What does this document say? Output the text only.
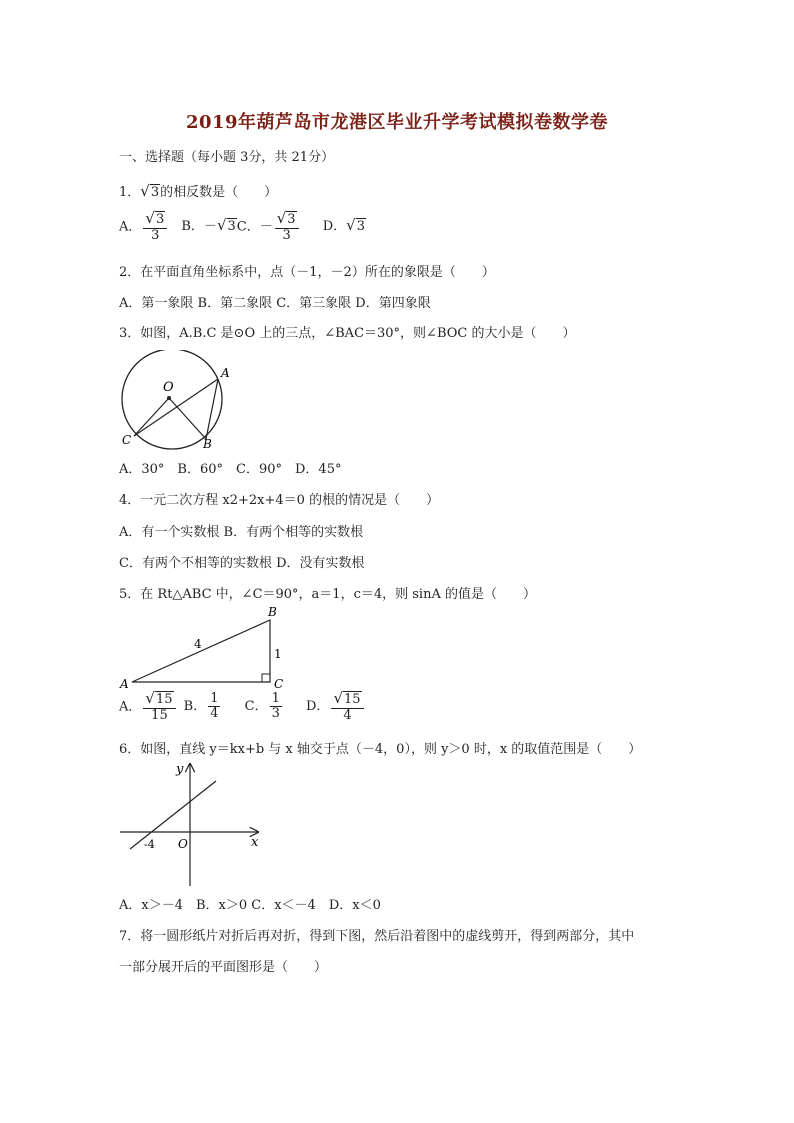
2019年葫芦岛市龙港区毕业升学考试模拟卷数学卷
一、选择题（每小题 3分，共 21分）
1．√3的相反数是（　　）
A． $\frac{√3}{3}$ B．－√3C．－ $\frac{√3}{3}$ D．√3
2．在平面直角坐标系中，点（－1，－2）所在的象限是（　　）
A．第一象限 B．第二象限 C．第三象限 D．第四象限
3．如图，A.B.C 是⊙O 上的三点，∠BAC＝30°，则∠BOC 的大小是（　　）
O
A
B
C
A．30°　B．60°　C．90°　D．45°
4．一元二次方程 x2+2x+4＝0 的根的情况是（　　）
A．有一个实数根 B．有两个相等的实数根
C．有两个不相等的实数根 D．没有实数根
5．在 Rt△ABC 中，∠C＝90°，a＝1，c＝4，则 sinA 的值是（　　）
A
B
C
4
1
A． $\frac{√15}{15}$ B． $\frac{1}{4}$ C． $\frac{1}{3}$ D． $\frac{√15}{4}$
6．如图，直线 y＝kx+b 与 x 轴交于点（－4，0），则 y＞0 时，x 的取值范围是（　　）
y
x
O
-4
A．x＞－4　B．x＞0 C．x＜－4　D．x＜0
7．将一圆形纸片对折后再对折，得到下图，然后沿着图中的虚线剪开，得到两部分，其中
一部分展开后的平面图形是（　　）
